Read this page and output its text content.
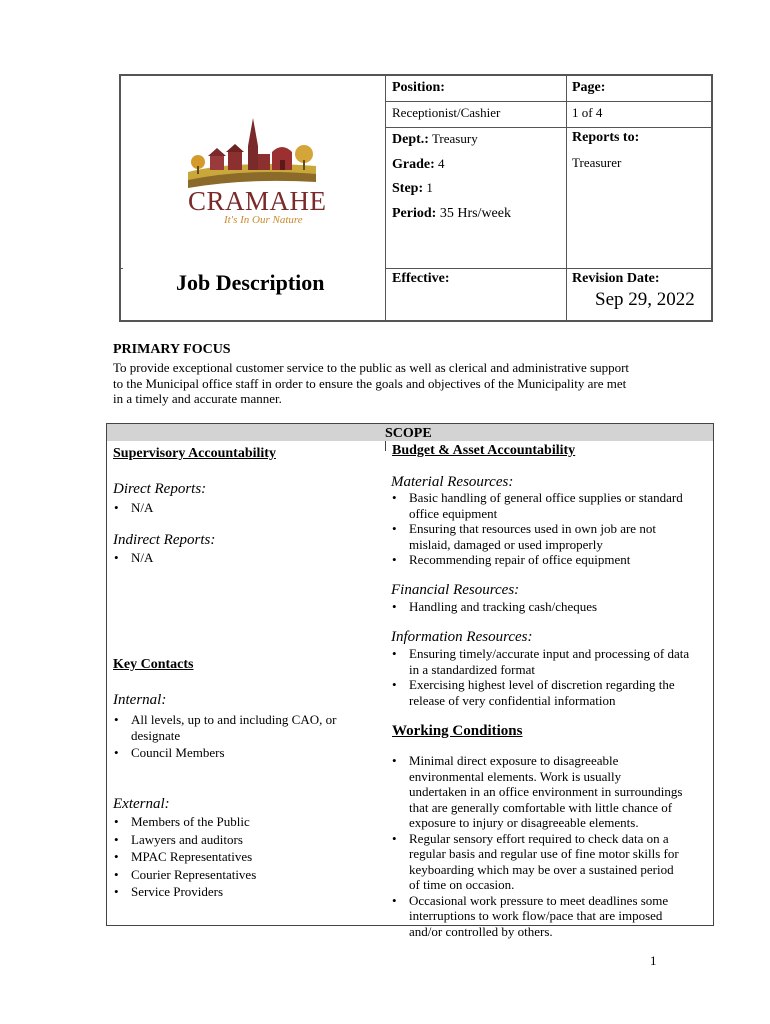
Position:	Page:
Receptionist/Cashier	1 of 4
Dept.: Treasury	Reports to:
Grade: 4	Treasurer
Step: 1
Period: 35 Hrs/week
Effective:	Revision Date:
Sep 29, 2022
CRAMAHE
It's In Our Nature
Job Description
PRIMARY FOCUS
To provide exceptional customer service to the public as well as clerical and administrative support
to the Municipal office staff in order to ensure the goals and objectives of the Municipality are met
in a timely and accurate manner.
SCOPE
Supervisory Accountability
Direct Reports:
• N/A
Indirect Reports:
• N/A
Key Contacts
Internal:
• All levels, up to and including CAO, or
designate
• Council Members
External:
• Members of the Public
• Lawyers and auditors
• MPAC Representatives
• Courier Representatives
• Service Providers
Budget & Asset Accountability
Material Resources:
• Basic handling of general office supplies or standard
office equipment
• Ensuring that resources used in own job are not
mislaid, damaged or used improperly
• Recommending repair of office equipment
Financial Resources:
• Handling and tracking cash/cheques
Information Resources:
• Ensuring timely/accurate input and processing of data
in a standardized format
• Exercising highest level of discretion regarding the
release of very confidential information
Working Conditions
• Minimal direct exposure to disagreeable
environmental elements. Work is usually
undertaken in an office environment in surroundings
that are generally comfortable with little chance of
exposure to injury or disagreeable elements.
• Regular sensory effort required to check data on a
regular basis and regular use of fine motor skills for
keyboarding which may be over a sustained period
of time on occasion.
• Occasional work pressure to meet deadlines some
interruptions to work flow/pace that are imposed
and/or controlled by others.
1
